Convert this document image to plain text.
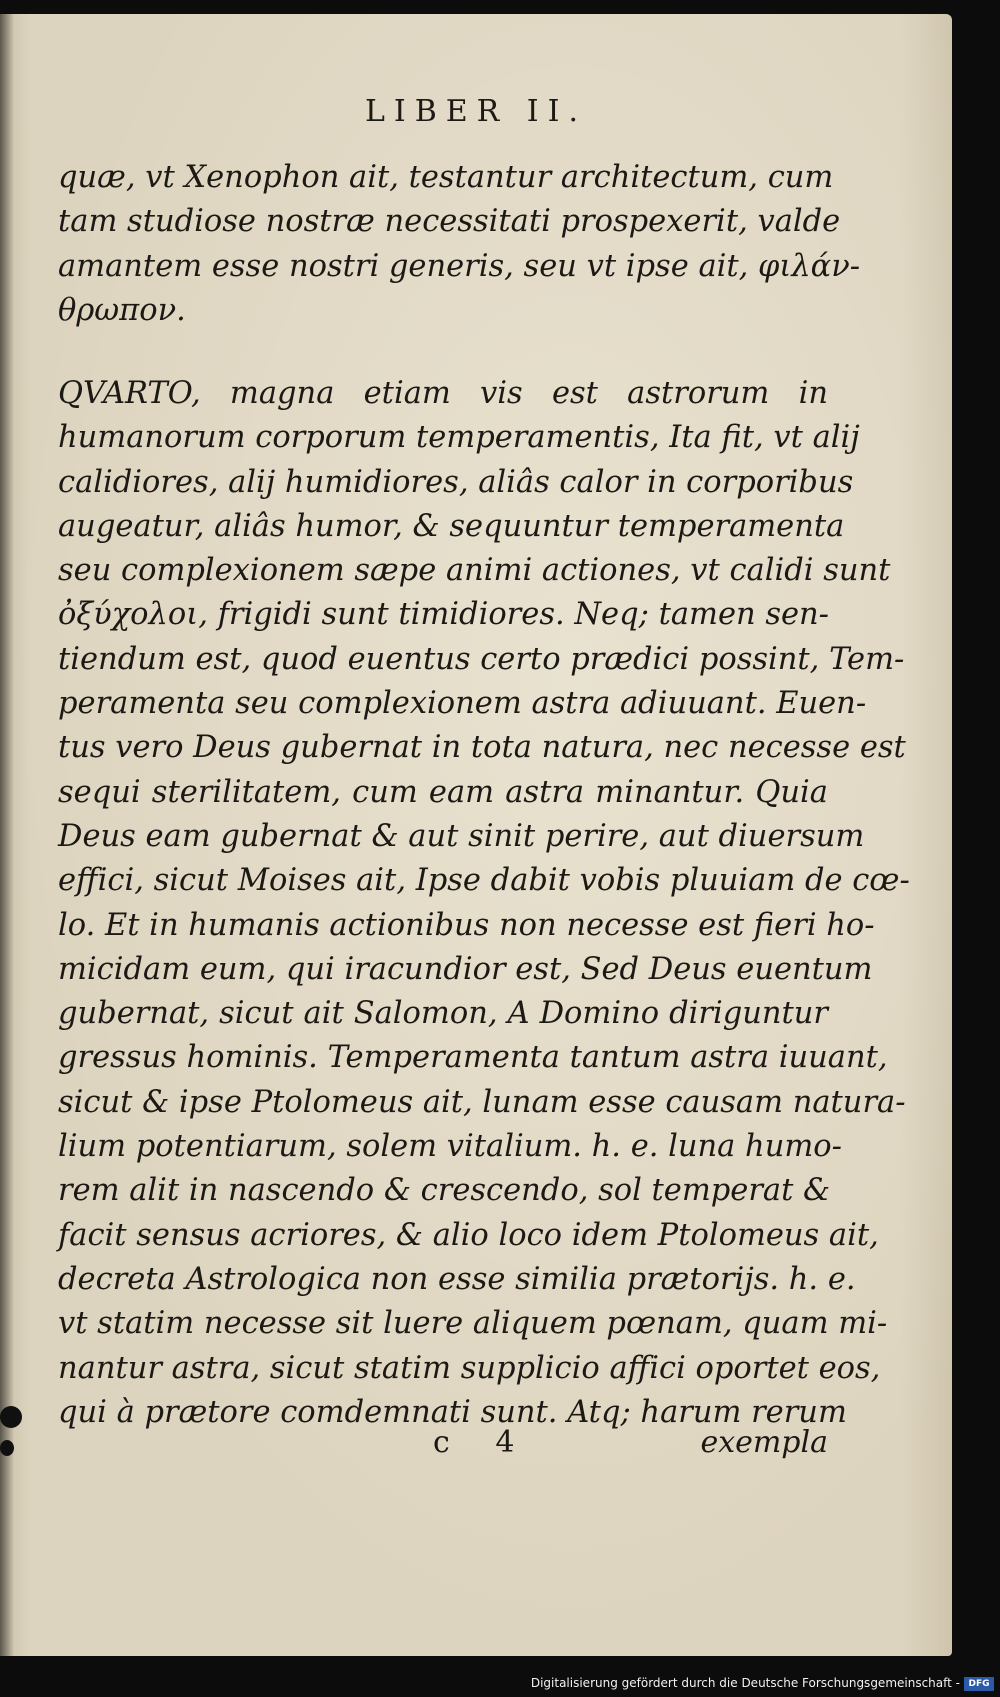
LIBER II.
quæ, vt Xenophon ait, testantur architectum, cum
tam studiose nostræ necessitati prospexerit, valde
amantem esse nostri generis, seu vt ipse ait, φιλάν-
θρωπον.
QVARTO, magna etiam vis est astrorum in
humanorum corporum temperamentis, Ita fit, vt alij
calidiores, alij humidiores, aliâs calor in corporibus
augeatur, aliâs humor, & sequuntur temperamenta
seu complexionem sæpe animi actiones, vt calidi sunt
ὀξύχολοι, frigidi sunt timidiores. Neq; tamen sen-
tiendum est, quod euentus certo prædici possint, Tem-
peramenta seu complexionem astra adiuuant. Euen-
tus vero Deus gubernat in tota natura, nec necesse est
sequi sterilitatem, cum eam astra minantur. Quia
Deus eam gubernat & aut sinit perire, aut diuersum
effici, sicut Moises ait, Ipse dabit vobis pluuiam de cœ-
lo. Et in humanis actionibus non necesse est fieri ho-
micidam eum, qui iracundior est, Sed Deus euentum
gubernat, sicut ait Salomon, A Domino diriguntur
gressus hominis. Temperamenta tantum astra iuuant,
sicut & ipse Ptolomeus ait, lunam esse causam natura-
lium potentiarum, solem vitalium. h. e. luna humo-
rem alit in nascendo & crescendo, sol temperat &
facit sensus acriores, & alio loco idem Ptolomeus ait,
decreta Astrologica non esse similia prætorijs. h. e.
vt statim necesse sit luere aliquem pœnam, quam mi-
nantur astra, sicut statim supplicio affici oportet eos,
qui à prætore comdemnati sunt. Atq; harum rerum
c 4	exempla
Digitalisierung gefördert durch die Deutsche Forschungsgemeinschaft - DFG
